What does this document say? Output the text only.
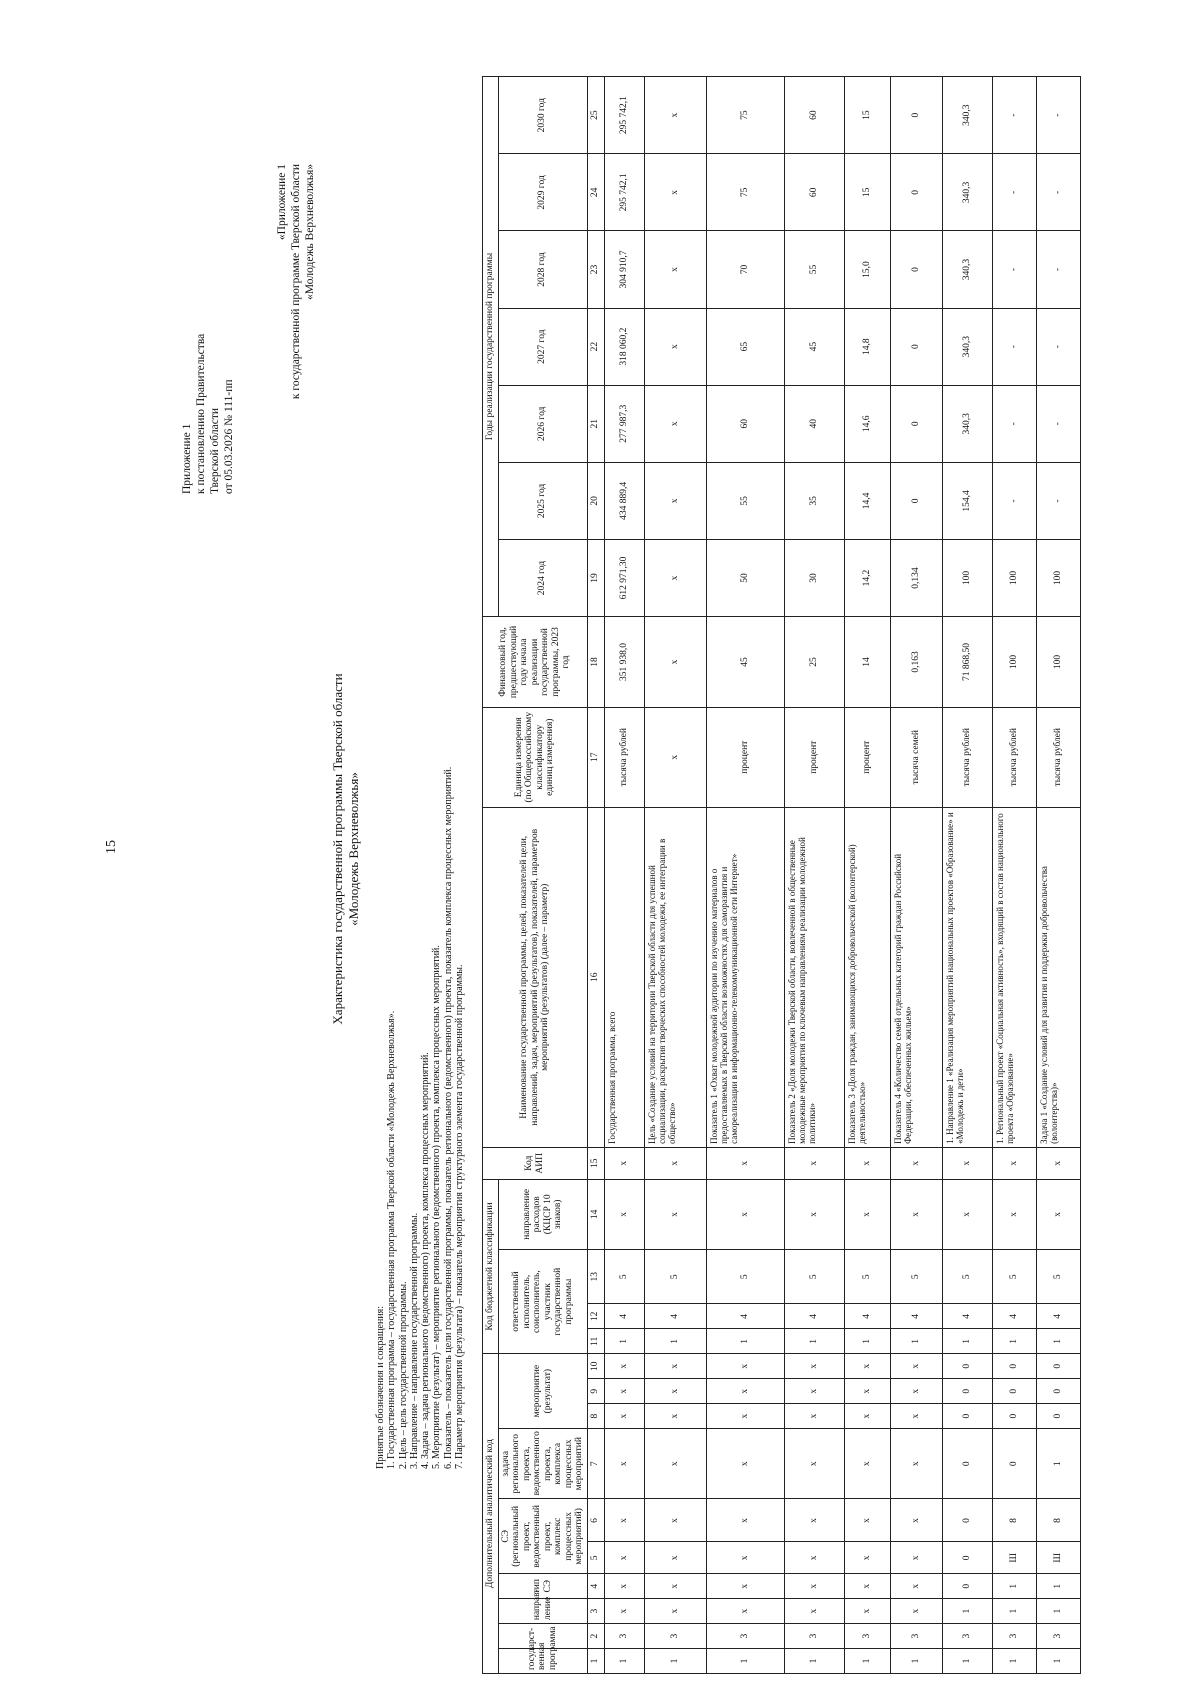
15
Приложение 1 к постановлению Правительства Тверской области от 05.03.2026 № 111-пп
«Приложение 1 к государственной программе Тверской области «Молодежь Верхневолжья»
Характеристика государственной программы Тверской области «Молодежь Верхневолжья»
Принятые обозначения и сокращения: 1. Государственная программа – государственная программа Тверской области «Молодежь Верхневолжья». 2. Цель – цель государственной программы. 3. Направление – направление государственной программы. 4. Задача – задача регионального (ведомственного) проекта, комплекса процессных мероприятий. 5. Мероприятие (результат) – мероприятие регионального (ведомственного) проекта, комплекса процессных мероприятий. 6. Показатель – показатель цели государственной программы, показатель регионального (ведомственного) проекта, показатель комплекса процессных мероприятий. 7. Параметр мероприятия (результата) – показатель мероприятия структурного элемента государственной программы.
Дополнительный аналитический код										Код бюджетной классификации				Код АИП	Наименование государственной программы, целей, показателей цели, направлений, задач, мероприятий (результатов), показателей, параметров мероприятий (результатов) (далее – параметр)	Единица измерения (по Общероссийскому классификатору единиц измерения)	Финансовый год, предшествующий году начала реализации государственной программы, 2023 год	Годы реализации государственной программы						
государст-венная программа		направ-ление	тип СЭ	СЭ (региональный проект, ведомственный проект, комплекс процессных мероприятий)		задача регионального проекта, ведомственного проекта, комплекса процессных мероприятий	мероприятие (результат)			ответственный исполнитель, соисполнитель, участник государственной программы			направление расходов (КЦСР 10 знаков)					2024 год	2025 год	2026 год	2027 год	2028 год	2029 год	2030 год
1	2	3	4	5	6	7	8	9	10	11	12	13	14	15	16	17	18	19	20	21	22	23	24	25
1	3	х	х	х	х	х	х	х	х	1	4	5	х	х	Государственная программа, всего	тысяча рублей	351 938,0	612 971,30	434 889,4	277 987,3	318 060,2	304 910,7	295 742,1	295 742,1
1	3	х	х	х	х	х	х	х	х	1	4	5	х	х	Цель «Создание условий на территории Тверской области для успешной социализации, раскрытия творческих способностей молодежи, ее интеграции в общество»	х	х	х	х	х	х	х	х	х
1	3	х	х	х	х	х	х	х	х	1	4	5	х	х	Показатель 1 «Охват молодежной аудитории по изучению материалов о предоставляемых в Тверской области возможностях для саморазвития и самореализации в информационно-телекоммуникационной сети Интернет»	процент	45	50	55	60	65	70	75	75
1	3	х	х	х	х	х	х	х	х	1	4	5	х	х	Показатель 2 «Доля молодежи Тверской области, вовлеченной в общественные молодежные мероприятия по ключевым направлениям реализации молодежной политики»	процент	25	30	35	40	45	55	60	60
1	3	х	х	х	х	х	х	х	х	1	4	5	х	х	Показатель 3 «Доля граждан, занимающихся добровольческой (волонтерской) деятельностью»	процент	14	14,2	14,4	14,6	14,8	15,0	15	15
1	3	х	х	х	х	х	х	х	х	1	4	5	х	х	Показатель 4 «Количество семей отдельных категорий граждан Российской Федерации, обеспеченных жильем»	тысяча семей	0,163	0,134	0	0	0	0	0	0
1	3	1	0	0	0	0	0	0	0	1	4	5	х	х	1. Направление 1 «Реализация мероприятий национальных проектов «Образование» и «Молодежь и дети»	тысяча рублей	71 868,50	100	154,4	340,3	340,3	340,3	340,3	340,3
1	3	1	1	Ш	8	0	0	0	0	1	4	5	х	х	1. Региональный проект «Социальная активность», входящий в состав национального проекта «Образование»	тысяча рублей	100	100	-	-	-	-	-	-
1	3	1	1	Ш	8	1	0	0	0	1	4	5	х	х	Задача 1 «Создание условий для развития и поддержки добровольчества (волонтерства)»	тысяча рублей	100	100	-	-	-	-	-	-
